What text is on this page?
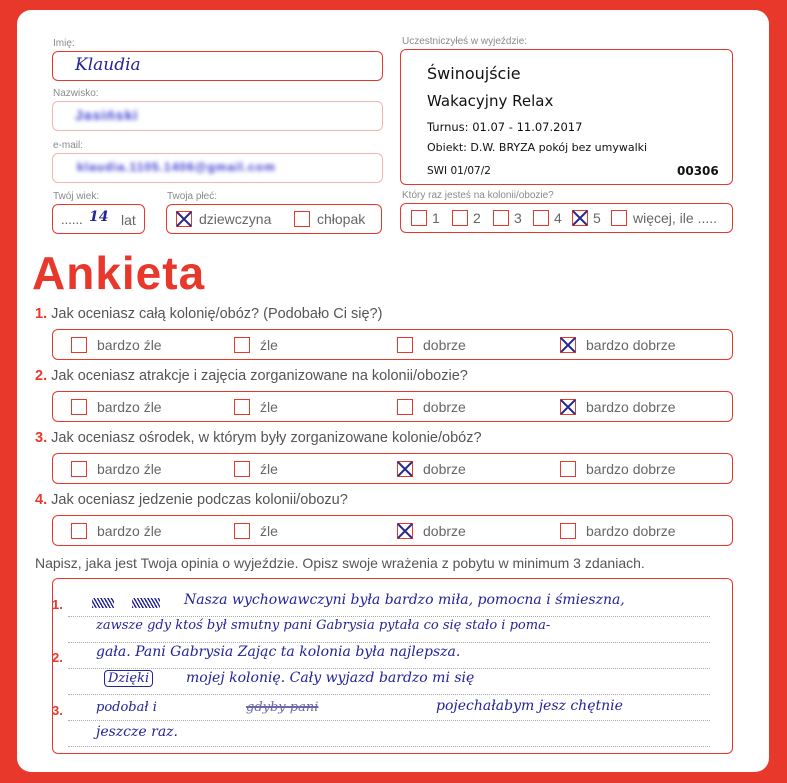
Imię:
Klaudia
Nazwisko:
Jasiński
e-mail:
klaudia.1105.1406@gmail.com
Twój wiek:
...... 14 lat
Twoja płeć:
dziewczyna	chłopak
Uczestniczyłeś w wyjeździe:
Świnoujście
Wakacyjny Relax
Turnus: 01.07 - 11.07.2017
Obiekt: D.W. BRYZA pokój bez umywalki
SWI 01/07/2	00306
Który raz jesteś na kolonii/obozie?
1 2 3 4 5 więcej, ile .....
Ankieta
1. Jak oceniasz całą kolonię/obóz? (Podobało Ci się?)
bardzo źle	źle	dobrze	bardzo dobrze
2. Jak oceniasz atrakcje i zajęcia zorganizowane na kolonii/obozie?
bardzo źle	źle	dobrze	bardzo dobrze
3. Jak oceniasz ośrodek, w którym były zorganizowane kolonie/obóz?
bardzo źle	źle	dobrze	bardzo dobrze
4. Jak oceniasz jedzenie podczas kolonii/obozu?
bardzo źle	źle	dobrze	bardzo dobrze
Napisz, jaka jest Twoja opinia o wyjeździe. Opisz swoje wrażenia z pobytu w minimum 3 zdaniach.
1.
2.
3.
Nasza wychowawczyni była bardzo miła, pomocna i śmieszna,
zawsze gdy ktoś był smutny pani Gabrysia pytała co się stało i poma-
gała. Pani Gabrysia Zając ta kolonia była najlepsza.
Dzięki	mojej kolonię. Cały wyjazd bardzo mi się
podobał i	gdyby pani	pojechałabym jesz chętnie
jeszcze raz.
